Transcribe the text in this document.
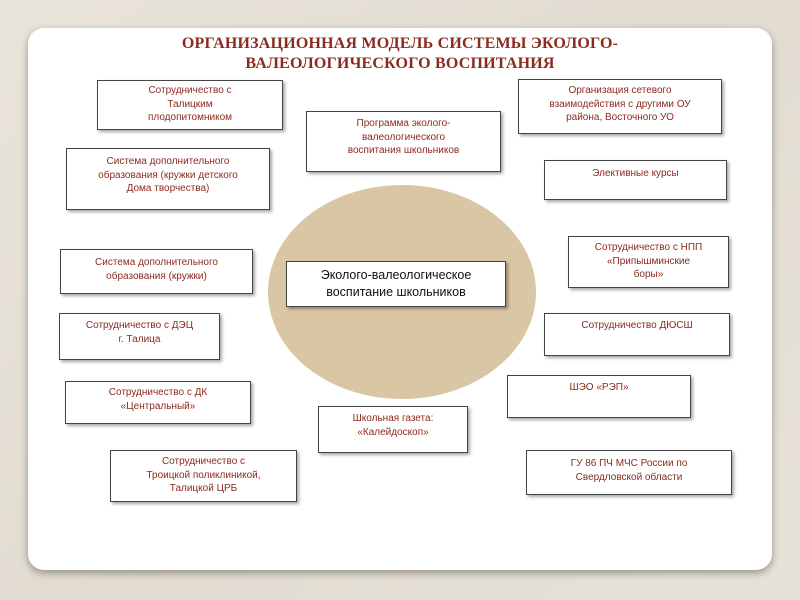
ОРГАНИЗАЦИОННАЯ МОДЕЛЬ СИСТЕМЫ ЭКОЛОГО-
ВАЛЕОЛОГИЧЕСКОГО ВОСПИТАНИЯ
Эколого-валеологическое
воспитание школьников
Сотрудничество с
Талицким
плодопитомником
Программа эколого-
валеологического
воспитания школьников
Организация сетевого
взаимодействия с другими ОУ
района, Восточного УО
Система дополнительного
образования (кружки детского
Дома творчества)
Элективные курсы
Система дополнительного
образования (кружки)
Сотрудничество с НПП
«Припышминские
боры»
Сотрудничество с ДЭЦ
г. Талица
Сотрудничество ДЮСШ
ШЭО «РЭП»
Сотрудничество с ДК
«Центральный»
Школьная газета:
«Калейдоскоп»
Сотрудничество с
Троицкой поликлиникой,
Талицкой ЦРБ
ГУ 86 ПЧ МЧС России по
Свердловской области
